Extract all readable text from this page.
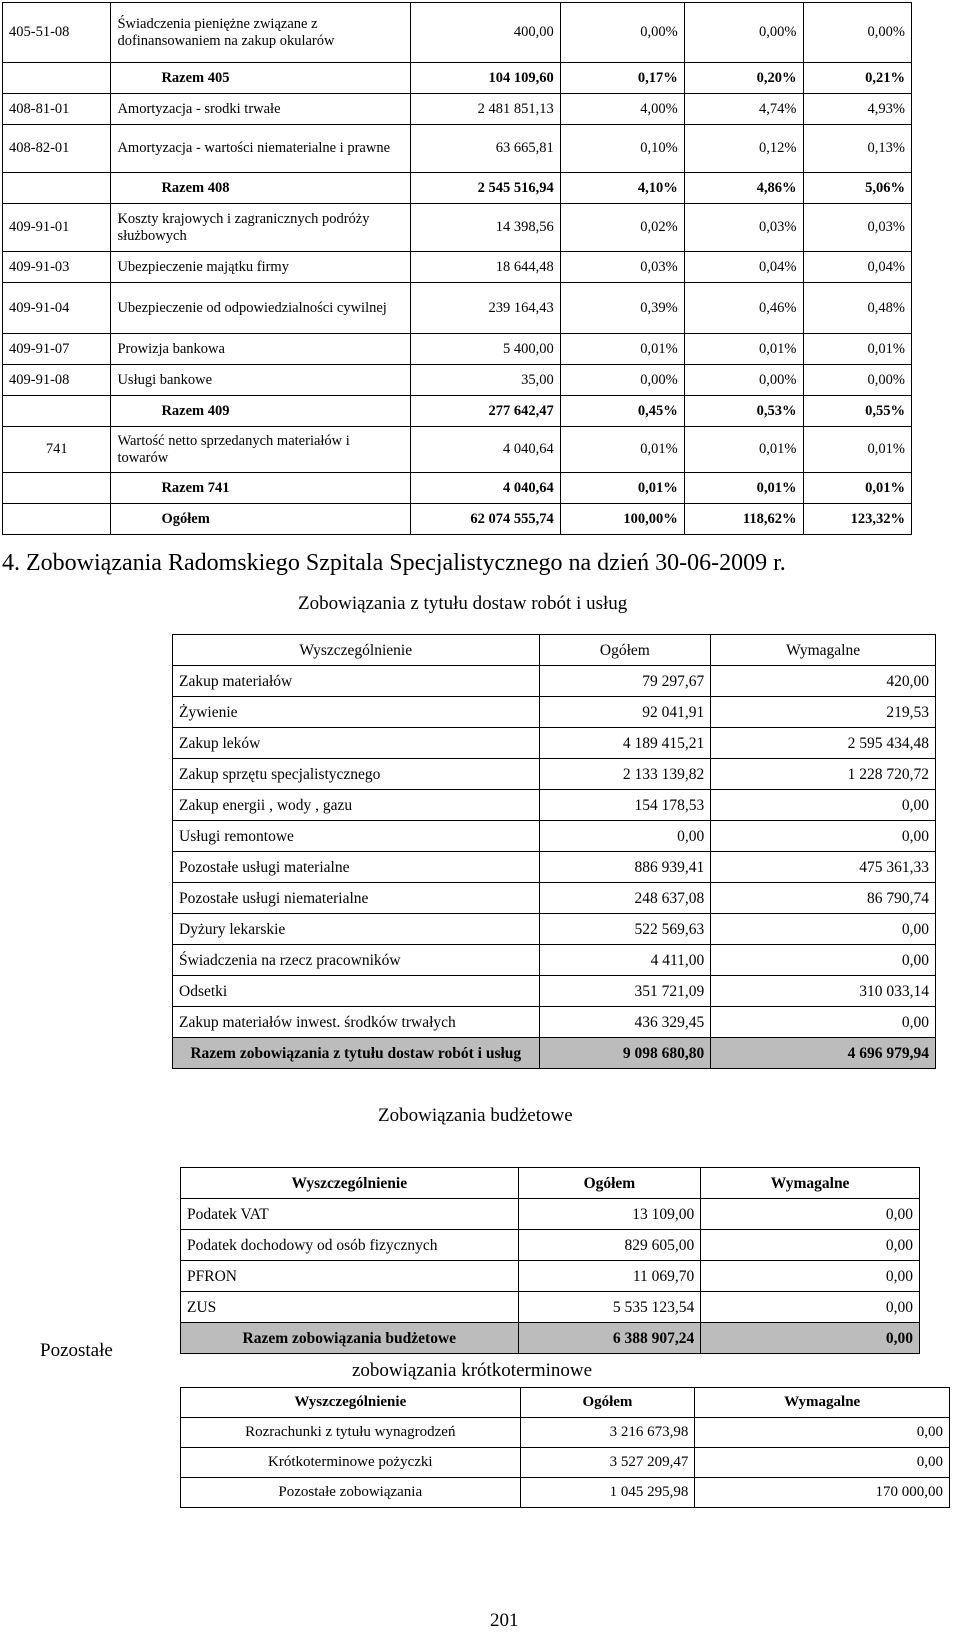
405-51-08	Świadczenia pieniężne związane z dofinansowaniem na zakup okularów	400,00	0,00%	0,00%	0,00%
	Razem 405	104 109,60	0,17%	0,20%	0,21%
408-81-01	Amortyzacja - srodki trwałe	2 481 851,13	4,00%	4,74%	4,93%
408-82-01	Amortyzacja - wartości niematerialne i prawne	63 665,81	0,10%	0,12%	0,13%
	Razem 408	2 545 516,94	4,10%	4,86%	5,06%
409-91-01	Koszty krajowych i zagranicznych podróży służbowych	14 398,56	0,02%	0,03%	0,03%
409-91-03	Ubezpieczenie majątku firmy	18 644,48	0,03%	0,04%	0,04%
409-91-04	Ubezpieczenie od odpowiedzialności cywilnej	239 164,43	0,39%	0,46%	0,48%
409-91-07	Prowizja bankowa	5 400,00	0,01%	0,01%	0,01%
409-91-08	Usługi bankowe	35,00	0,00%	0,00%	0,00%
	Razem 409	277 642,47	0,45%	0,53%	0,55%
741	Wartość netto sprzedanych materiałów i towarów	4 040,64	0,01%	0,01%	0,01%
	Razem 741	4 040,64	0,01%	0,01%	0,01%
	Ogółem	62 074 555,74	100,00%	118,62%	123,32%
4. Zobowiązania Radomskiego Szpitala Specjalistycznego na dzień 30-06-2009 r.
Zobowiązania z tytułu dostaw robót i usług
Wyszczególnienie	Ogółem	Wymagalne
Zakup materiałów	79 297,67	420,00
Żywienie	92 041,91	219,53
Zakup leków	4 189 415,21	2 595 434,48
Zakup sprzętu specjalistycznego	2 133 139,82	1 228 720,72
Zakup energii , wody , gazu	154 178,53	0,00
Usługi remontowe	0,00	0,00
Pozostałe usługi materialne	886 939,41	475 361,33
Pozostałe usługi niematerialne	248 637,08	86 790,74
Dyżury lekarskie	522 569,63	0,00
Świadczenia na rzecz pracowników	4 411,00	0,00
Odsetki	351 721,09	310 033,14
Zakup materiałów inwest. środków trwałych	436 329,45	0,00
Razem zobowiązania z tytułu dostaw robót i usług	9 098 680,80	4 696 979,94
Zobowiązania budżetowe
Wyszczególnienie	Ogółem	Wymagalne
Podatek VAT	13 109,00	0,00
Podatek dochodowy od osób fizycznych	829 605,00	0,00
PFRON	11 069,70	0,00
ZUS	5 535 123,54	0,00
Razem zobowiązania budżetowe	6 388 907,24	0,00
Pozostałe
zobowiązania krótkoterminowe
Wyszczególnienie	Ogółem	Wymagalne
Rozrachunki z tytułu wynagrodzeń	3 216 673,98	0,00
Krótkoterminowe pożyczki	3 527 209,47	0,00
Pozostałe zobowiązania	1 045 295,98	170 000,00
201
